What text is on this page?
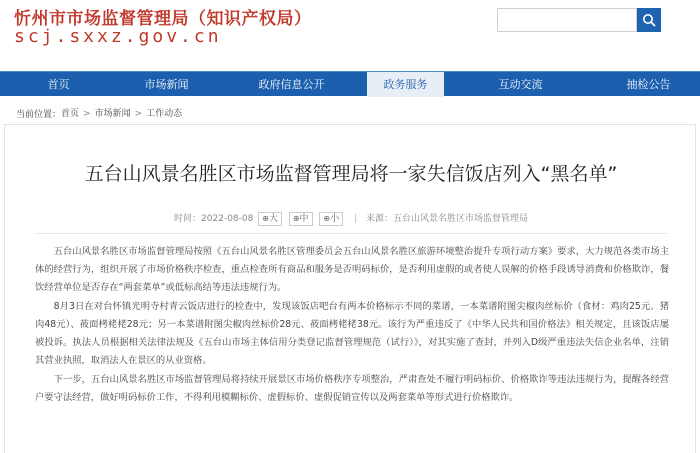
忻州市市场监督管理局（知识产权局）
scj.sxxz.gov.cn
首页	市场新闻	政府信息公开	政务服务	互动交流	抽检公告
当前位置：首页 > 市场新闻 > 工作动态
五台山风景名胜区市场监督管理局将一家失信饭店列入“黑名单”
时间：2022-08-08 ⊕大 ⊕中 ⊕小 | 来源：五台山风景名胜区市场监督管理局

五台山风景名胜区市场监督管理局按照《五台山风景名胜区管理委员会五台山风景名胜区旅游环境整治提升专项行动方案》要求，大力规范各类市场主体的经营行为，组织开展了市场价格秩序检查，重点检查所有商品和服务是否明码标价，是否利用虚假的或者使人误解的价格手段诱导消费和价格欺诈，餐饮经营单位是否存在“两套菜单”或低标高结等违法违规行为。

8月3日在对台怀镇光明寺村青云饭店进行的检查中，发现该饭店吧台有两本价格标示不同的菜谱，一本菜谱附图尖椒肉丝标价（食材：鸡肉25元、猪肉48元）、莜面栲栳栳28元；另一本菜谱附图尖椒肉丝标价28元、莜面栲栳栳38元。该行为严重违反了《中华人民共和国价格法》相关规定，且该饭店屡被投诉。执法人员根据相关法律法规及《五台山市场主体信用分类登记监督管理规范（试行）》，对其实施了查封，并列入D级严重违法失信企业名单，注销其营业执照，取消法人在景区的从业资格。

下一步，五台山风景名胜区市场监督管理局将持续开展景区市场价格秩序专项整治，严肃查处不履行明码标价、价格欺诈等违法违规行为，提醒各经营户要守法经营，做好明码标价工作，不得利用模糊标价、虚假标价、虚假促销宣传以及两套菜单等形式进行价格欺诈。
